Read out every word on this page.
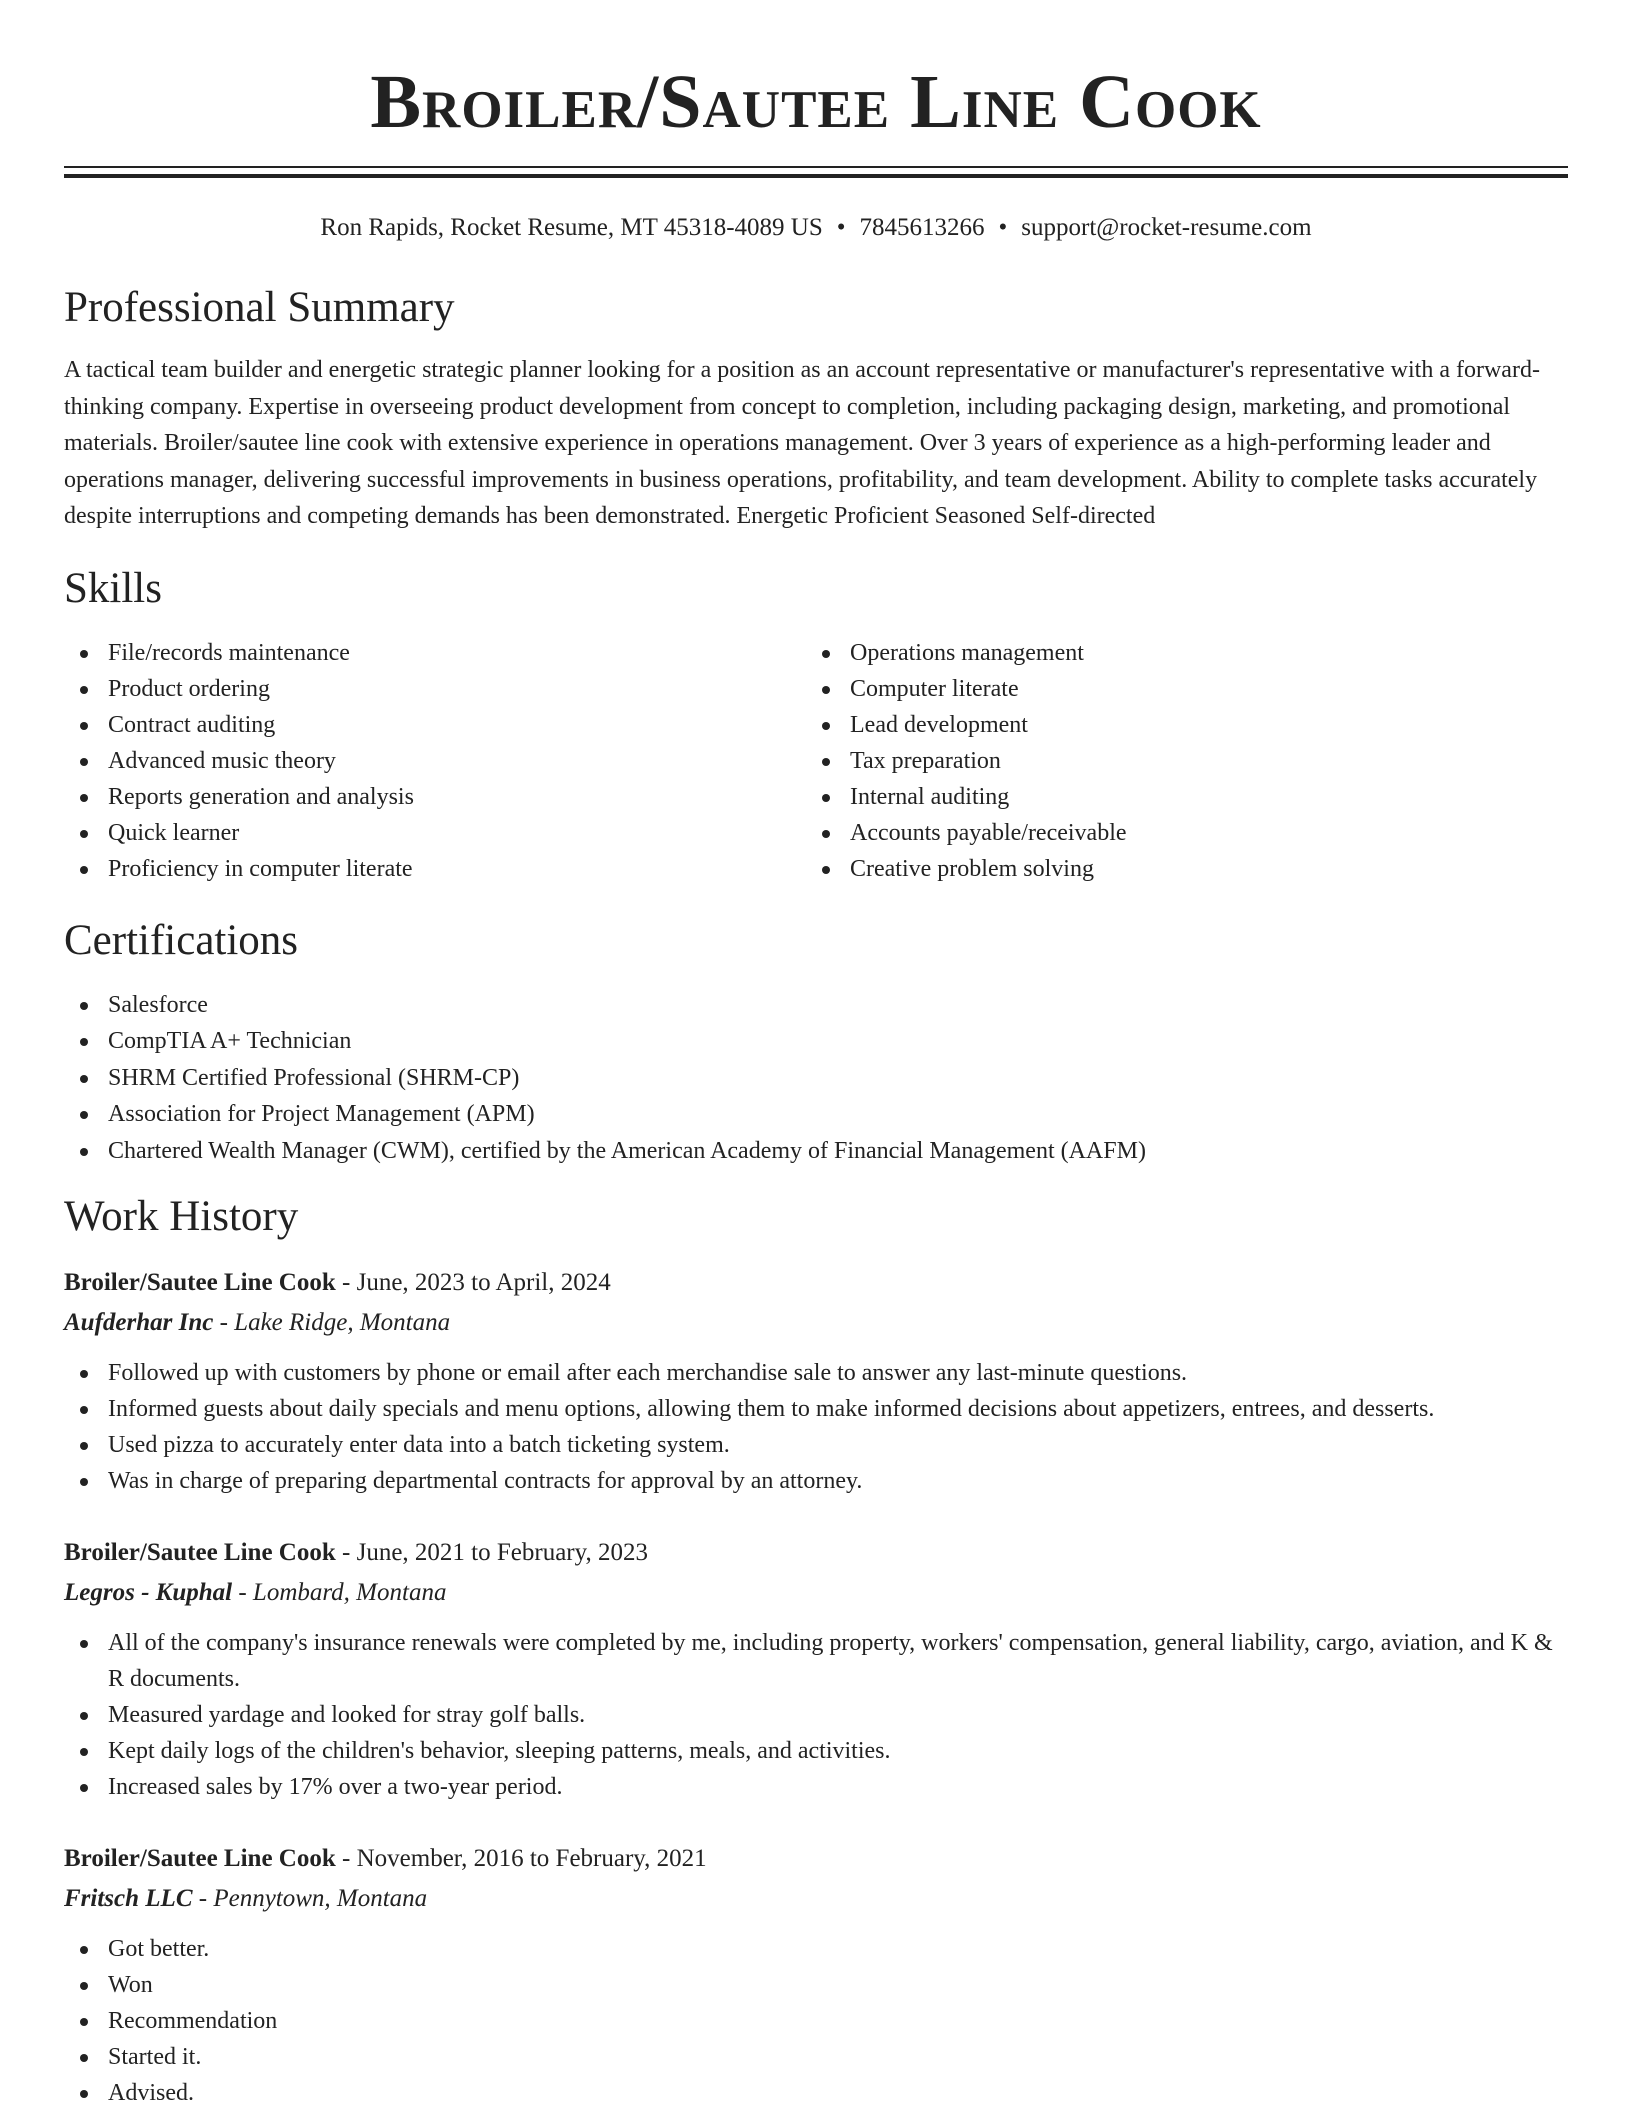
Broiler/Sautee Line Cook
Ron Rapids, Rocket Resume, MT 45318-4089 US • 7845613266 • support@rocket-resume.com
Professional Summary

A tactical team builder and energetic strategic planner looking for a position as an account representative or manufacturer's representative with a forward-thinking company. Expertise in overseeing product development from concept to completion, including packaging design, marketing, and promotional materials. Broiler/sautee line cook with extensive experience in operations management. Over 3 years of experience as a high-performing leader and operations manager, delivering successful improvements in business operations, profitability, and team development. Ability to complete tasks accurately despite interruptions and competing demands has been demonstrated. Energetic Proficient Seasoned Self-directed

Skills
File/records maintenance
Product ordering
Contract auditing
Advanced music theory
Reports generation and analysis
Quick learner
Proficiency in computer literate
Operations management
Computer literate
Lead development
Tax preparation
Internal auditing
Accounts payable/receivable
Creative problem solving
Certifications
Salesforce
CompTIA A+ Technician
SHRM Certified Professional (SHRM-CP)
Association for Project Management (APM)
Chartered Wealth Manager (CWM), certified by the American Academy of Financial Management (AAFM)
Work History
Broiler/Sautee Line Cook - June, 2023 to April, 2024
Aufderhar Inc - Lake Ridge, Montana
Followed up with customers by phone or email after each merchandise sale to answer any last-minute questions.
Informed guests about daily specials and menu options, allowing them to make informed decisions about appetizers, entrees, and desserts.
Used pizza to accurately enter data into a batch ticketing system.
Was in charge of preparing departmental contracts for approval by an attorney.
Broiler/Sautee Line Cook - June, 2021 to February, 2023
Legros - Kuphal - Lombard, Montana
All of the company's insurance renewals were completed by me, including property, workers' compensation, general liability, cargo, aviation, and K & R documents.
Measured yardage and looked for stray golf balls.
Kept daily logs of the children's behavior, sleeping patterns, meals, and activities.
Increased sales by 17% over a two-year period.
Broiler/Sautee Line Cook - November, 2016 to February, 2021
Fritsch LLC - Pennytown, Montana
Got better.
Won
Recommendation
Started it.
Advised.
